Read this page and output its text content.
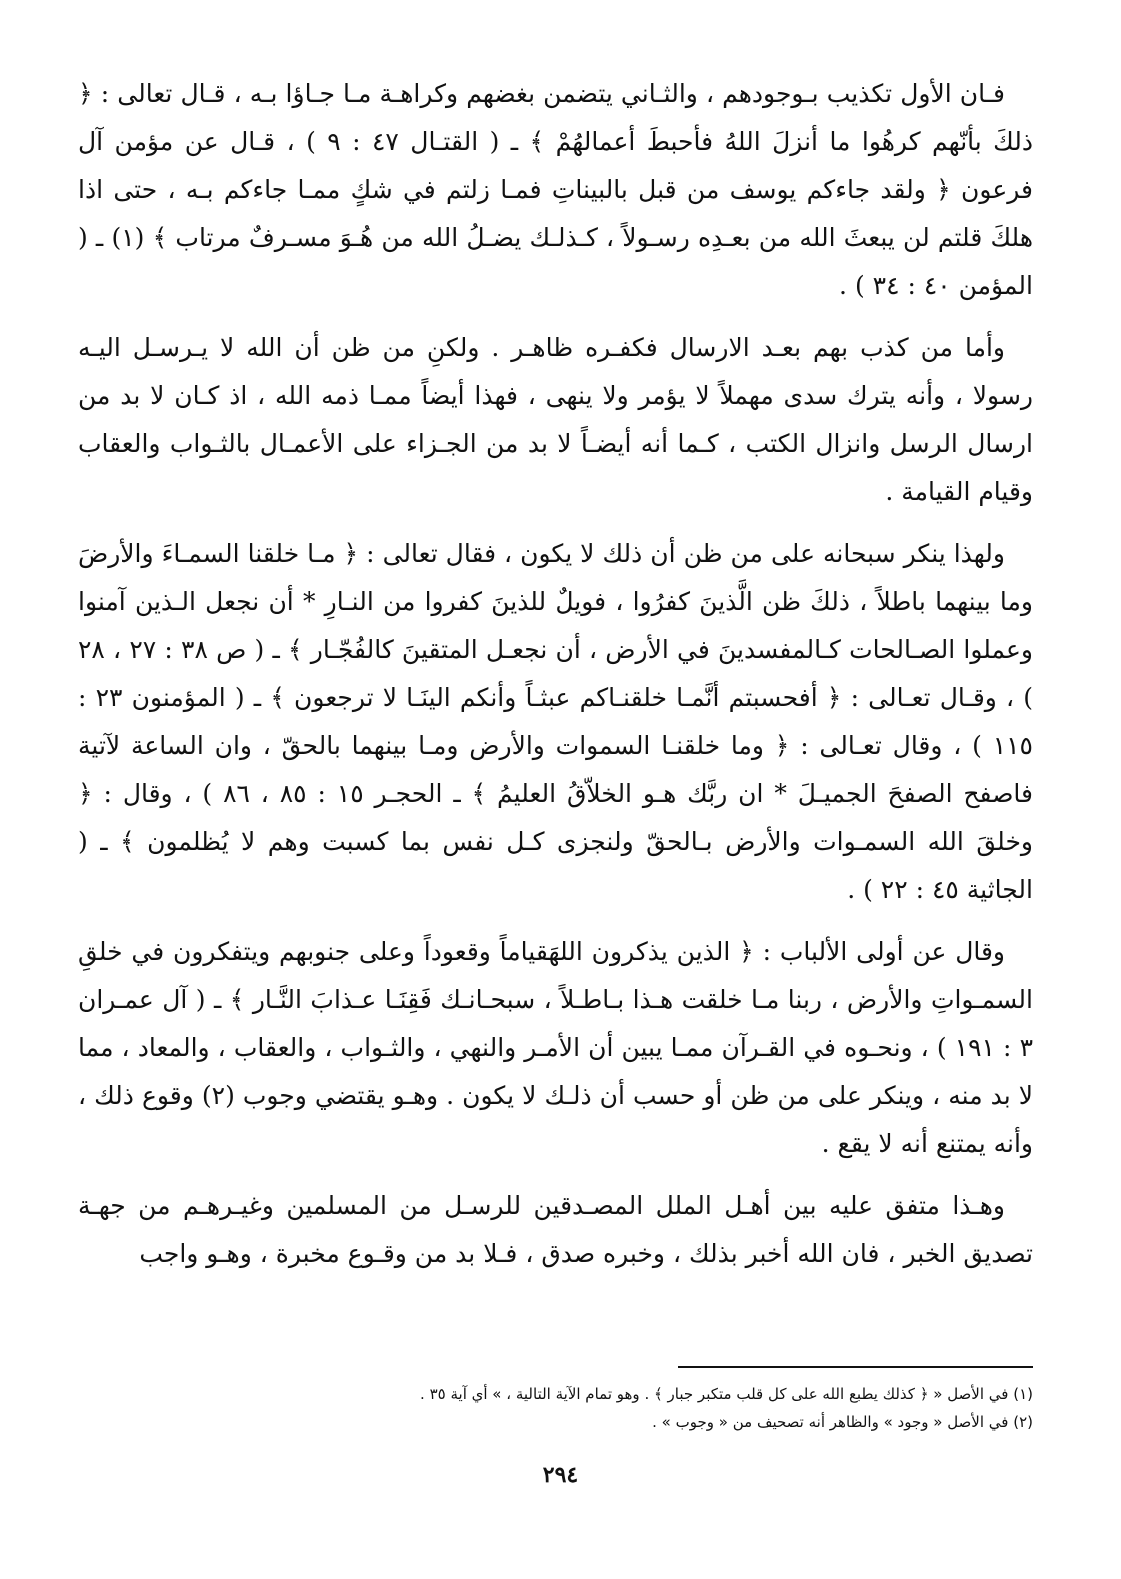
فـان الأول تكذيب بـوجودهم ، والثـاني يتضمن بغضهم وكراهـة مـا جـاؤا بـه ، قـال تعالى : ﴿ ذلكَ بأنّهم كرهُوا ما أنزلَ اللهُ فأحبطَ أعمالهُمْ ﴾ ـ ( القتـال ٤٧ : ٩ ) ، قـال عن مؤمن آل فرعون ﴿ ولقد جاءكم يوسف من قبل بالبيناتِ فمـا زلتم في شكٍ ممـا جاءكم بـه ، حتى اذا هلكَ قلتم لن يبعثَ الله من بعـدِه رسـولاً ، كـذلـك يضـلُ الله من هُـوَ مسـرفٌ مرتاب ﴾ (١) ـ ( المؤمن ٤٠ : ٣٤ ) .

وأما من كذب بهم بعـد الارسال فكفـره ظاهـر . ولكنِ من ظن أن الله لا يـرسـل اليـه رسولا ، وأنه يترك سدى مهملاً لا يؤمر ولا ينهى ، فهذا أيضاً ممـا ذمه الله ، اذ كـان لا بد من ارسال الرسل وانزال الكتب ، كـما أنه أيضـاً لا بد من الجـزاء على الأعمـال بالثـواب والعقاب وقيام القيامة .

ولهذا ينكر سبحانه على من ظن أن ذلك لا يكون ، فقال تعالى : ﴿ مـا خلقنا السمـاءَ والأرضَ وما بينهما باطلاً ، ذلكَ ظن الَّذينَ كفرُوا ، فويلٌ للذينَ كفروا من النـارِ * أن نجعل الـذين آمنوا وعملوا الصـالحات كـالمفسدينَ في الأرض ، أن نجعـل المتقينَ كالفُجّـار ﴾ ـ ( ص ٣٨ : ٢٧ ، ٢٨ ) ، وقـال تعـالى : ﴿ أفحسبتم أنَّمـا خلقنـاكم عبثـاً وأنكم الينَـا لا ترجعون ﴾ ـ ( المؤمنون ٢٣ : ١١٥ ) ، وقال تعـالى : ﴿ وما خلقنـا السموات والأرض ومـا بينهما بالحقّ ، وان الساعة لآتية فاصفح الصفحَ الجميـلَ * ان ربَّك هـو الخلاّقُ العليمُ ﴾ ـ الحجـر ١٥ : ٨٥ ، ٨٦ ) ، وقال : ﴿ وخلقَ الله السمـوات والأرض بـالحقّ ولنجزى كـل نفس بما كسبت وهم لا يُظلمون ﴾ ـ ( الجاثية ٤٥ : ٢٢ ) .

وقال عن أولى الألباب : ﴿ الذين يذكرون اللهَقياماً وقعوداً وعلى جنوبهم ويتفكرون في خلقِ السمـواتِ والأرض ، ربنا مـا خلقت هـذا بـاطـلاً ، سبحـانـك فَقِنَـا عـذابَ النَّـار ﴾ ـ ( آل عمـران ٣ : ١٩١ ) ، ونحـوه في القـرآن ممـا يبين أن الأمـر والنهي ، والثـواب ، والعقاب ، والمعاد ، مما لا بد منه ، وينكر على من ظن أو حسب أن ذلـك لا يكون . وهـو يقتضي وجوب (٢) وقوع ذلك ، وأنه يمتنع أنه لا يقع .

وهـذا متفق عليه بين أهـل الملل المصـدقين للرسـل من المسلمين وغيـرهـم من جهـة تصديق الخبر ، فان الله أخبر بذلك ، وخبره صدق ، فـلا بد من وقـوع مخبرة ، وهـو واجب

(١) في الأصل « ﴿ كذلك يطبع الله على كل قلب متكبر جبار ﴾ . وهو تمام الآية التالية ، » أي آية ٣٥ .
(٢) في الأصل « وجود » والظاهر أنه تصحيف من « وجوب » .
٢٩٤
